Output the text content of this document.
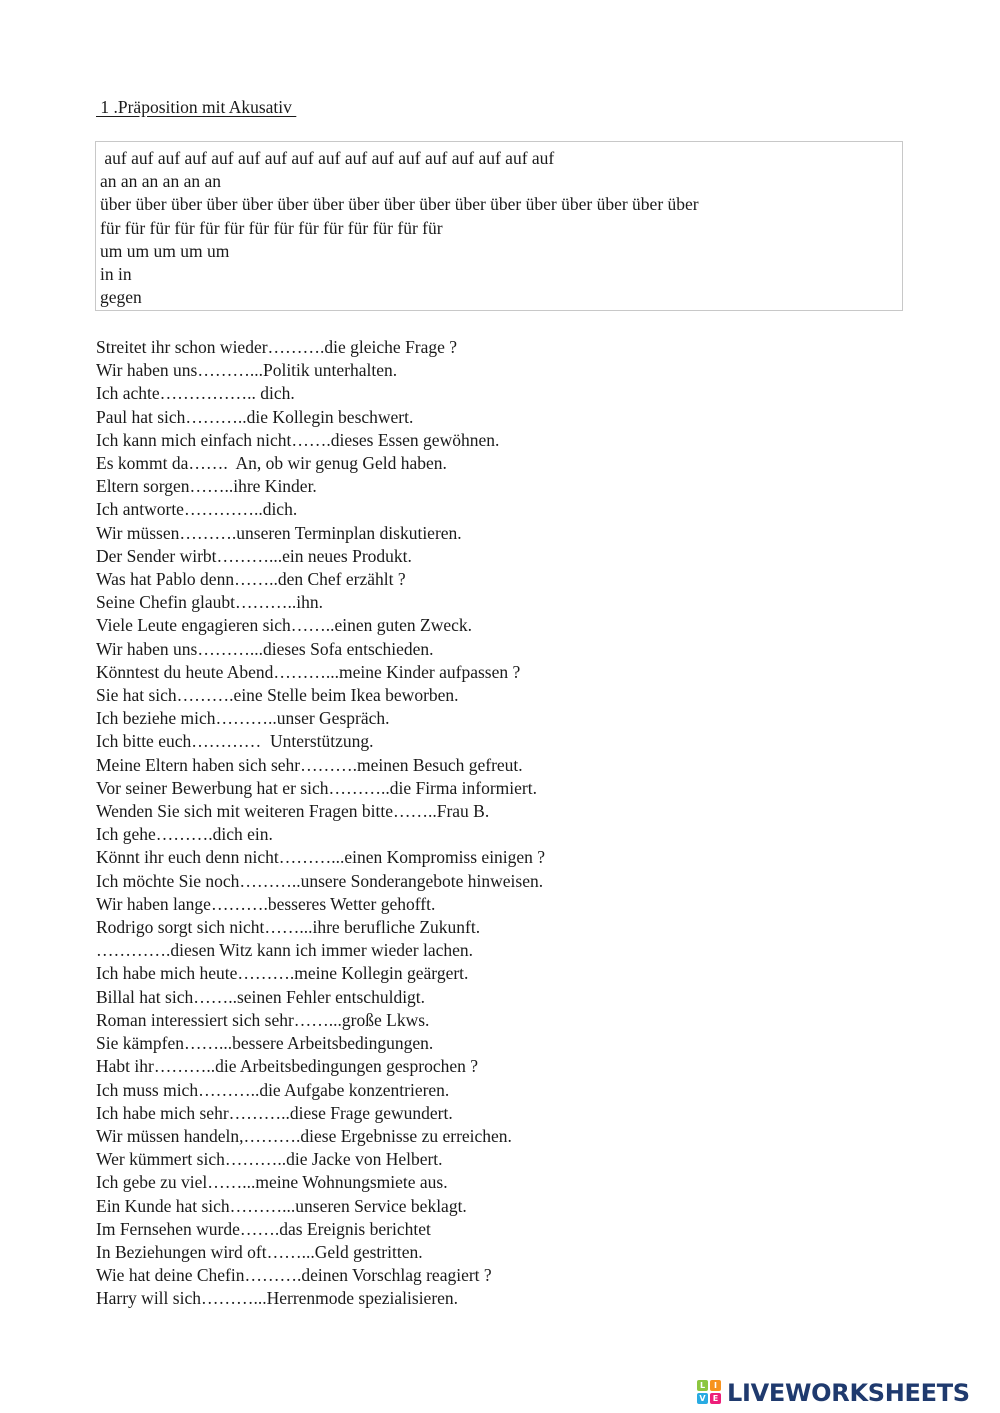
1 .Präposition mit Akusativ
auf auf auf auf auf auf auf auf auf auf auf auf auf auf auf auf auf
an an an an an an
über über über über über über über über über über über über über über über über über
für für für für für für für für für für für für für für
um um um um um
in in
gegen
Streitet ihr schon wieder……….die gleiche Frage ?
Wir haben uns………...Politik unterhalten.
Ich achte…………….. dich.
Paul hat sich………..die Kollegin beschwert.
Ich kann mich einfach nicht…….dieses Essen gewöhnen.
Es kommt da…….  An, ob wir genug Geld haben.
Eltern sorgen……..ihre Kinder.
Ich antworte…………..dich.
Wir müssen……….unseren Terminplan diskutieren.
Der Sender wirbt………...ein neues Produkt.
Was hat Pablo denn……..den Chef erzählt ?
Seine Chefin glaubt………..ihn.
Viele Leute engagieren sich……..einen guten Zweck.
Wir haben uns………...dieses Sofa entschieden.
Könntest du heute Abend………...meine Kinder aufpassen ?
Sie hat sich……….eine Stelle beim Ikea beworben.
Ich beziehe mich………..unser Gespräch.
Ich bitte euch…………  Unterstützung.
Meine Eltern haben sich sehr……….meinen Besuch gefreut.
Vor seiner Bewerbung hat er sich………..die Firma informiert.
Wenden Sie sich mit weiteren Fragen bitte……..Frau B.
Ich gehe……….dich ein.
Könnt ihr euch denn nicht………...einen Kompromiss einigen ?
Ich möchte Sie noch………..unsere Sonderangebote hinweisen.
Wir haben lange……….besseres Wetter gehofft.
Rodrigo sorgt sich nicht……...ihre berufliche Zukunft.
………….diesen Witz kann ich immer wieder lachen.
Ich habe mich heute……….meine Kollegin geärgert.
Billal hat sich……..seinen Fehler entschuldigt.
Roman interessiert sich sehr……...große Lkws.
Sie kämpfen……...bessere Arbeitsbedingungen.
Habt ihr………..die Arbeitsbedingungen gesprochen ?
Ich muss mich………..die Aufgabe konzentrieren.
Ich habe mich sehr………..diese Frage gewundert.
Wir müssen handeln,……….diese Ergebnisse zu erreichen.
Wer kümmert sich………..die Jacke von Helbert.
Ich gebe zu viel……...meine Wohnungsmiete aus.
Ein Kunde hat sich………...unseren Service beklagt.
Im Fernsehen wurde…….das Ereignis berichtet
In Beziehungen wird oft……...Geld gestritten.
Wie hat deine Chefin……….deinen Vorschlag reagiert ?
Harry will sich………...Herrenmode spezialisieren.
L	I
V E LIVEWORKSHEETS
